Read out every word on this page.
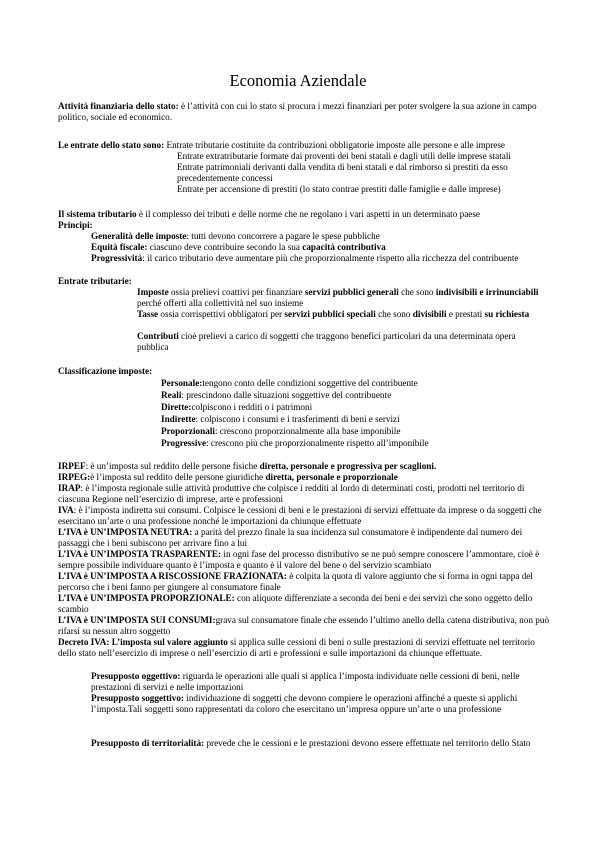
Economia Aziendale

Attività finanziaria dello stato: è l’attività con cui lo stato si procura i mezzi finanziari per poter svolgere la sua azione in campo politico, sociale ed economico.

Le entrate dello stato sono: Entrate tributarie costituite da contribuzioni obbligatorie imposte alle persone e alle imprese

Entrate extratributarie formate dai proventi dei beni statali e dagli utili delle imprese statali

Entrate patrimoniali derivanti dalla vendita di beni statali e dal rimborso si prestiti da esso precedentemente concessi

Entrate per accensione di prestiti (lo stato contrae prestiti dalle famiglie e dalle imprese)

Il sistema tributario è il complesso dei tributi e delle norme che ne regolano i vari aspetti in un determinato paese

Principi:

Generalità delle imposte: tutti devono concorrere a pagare le spese pubbliche

Equità fiscale: ciascuno deve contribuire secondo la sua capacità contributiva

Progressività: il carico tributario deve aumentare più che proporzionalmente rispetto alla ricchezza del contribuente

Entrate tributarie:

Imposte ossia prelievi coattivi per finanziare servizi pubblici generali che sono indivisibili e irrinunciabili perché offerti alla collettività nel suo insieme

Tasse ossia corrispettivi obbligatori per servizi pubblici speciali che sono divisibili e prestati su richiesta

Contributi cioè prelievi a carico di soggetti che traggono benefici particolari da una determinata opera pubblica

Classificazione imposte:

Personale:tengono conto delle condizioni soggettive del contribuente

Reali: prescindono dalle situazioni soggettive del contribuente

Dirette:colpiscono i redditi o i patrimoni

Indirette: colpiscono i consumi e i trasferimenti di beni e servizi

Proporzionali: crescono proporzionalmente alla base imponibile

Progressive: crescono più che proporzionalmente rispetto all’imponibile

IRPEF: è un’imposta sul reddito delle persone fisiche diretta, personale e progressiva per scaglioni.

IRPEG:è l’imposta sul reddito delle persone giuridiche diretta, personale e proporzionale

IRAP: è l’imposta regionale sulle attività produttive che colpisce i redditi al lordo di determinati costi, prodotti nel territorio di ciascuna Regione nell’esercizio di imprese, arte e professioni

IVA: è l’imposta indiretta sui consumi. Colpisce le cessioni di beni e le prestazioni di servizi effettuate da imprese o da soggetti che esercitano un’arte o una professione nonché le importazioni da chiunque effettuate

L’IVA è UN’IMPOSTA NEUTRA: a parità del prezzo finale la sua incidenza sul consumatore è indipendente dal numero dei passaggi che i beni subiscono per arrivare fino a lui

L’IVA è UN’IMPOSTA TRASPARENTE: in ogni fase del processo distributivo se ne può sempre conoscere l’ammontare, cioè è sempre possibile individuare quanto è l’imposta e quanto è il valore del bene o del servizio scambiato

L’IVA è UN’IMPOSTA A RISCOSSIONE FRAZIONATA: è colpita la quota di valore aggiunto che si forma in ogni tappa del percorso che i beni fanno per giungere al consumatore finale

L’IVA è UN’IMPOSTA PROPORZIONALE: con aliquote differenziate a seconda dei beni e dei servizi che sono oggetto dello scambio

L’IVA è UN’IMPOSTA SUI CONSUMI:grava sul consumatore finale che essendo l’ultimo anello della catena distributiva, non può rifarsi su nessun altro soggetto

Decreto IVA: L’imposta sul valore aggiunto si applica sulle cessioni di beni o sulle prestazioni di servizi effettuate nel territorio dello stato nell’esercizio di imprese o nell’esercizio di arti e professioni e sulle importazioni da chiunque effettuate.

Presupposto oggettivo: riguarda le operazioni alle quali si applica l’imposta individuate nelle cessioni di beni, nelle prestazioni di servizi e nelle importazioni

Presupposto soggettivo: individuazione di soggetti che devono compiere le operazioni affinché a queste si applichi l’imposta.Tali soggetti sono rappresentati da coloro che esercitano un’impresa oppure un’arte o una professione

Presupposto di territorialità: prevede che le cessioni e le prestazioni devono essere effettuate nel territorio dello Stato
